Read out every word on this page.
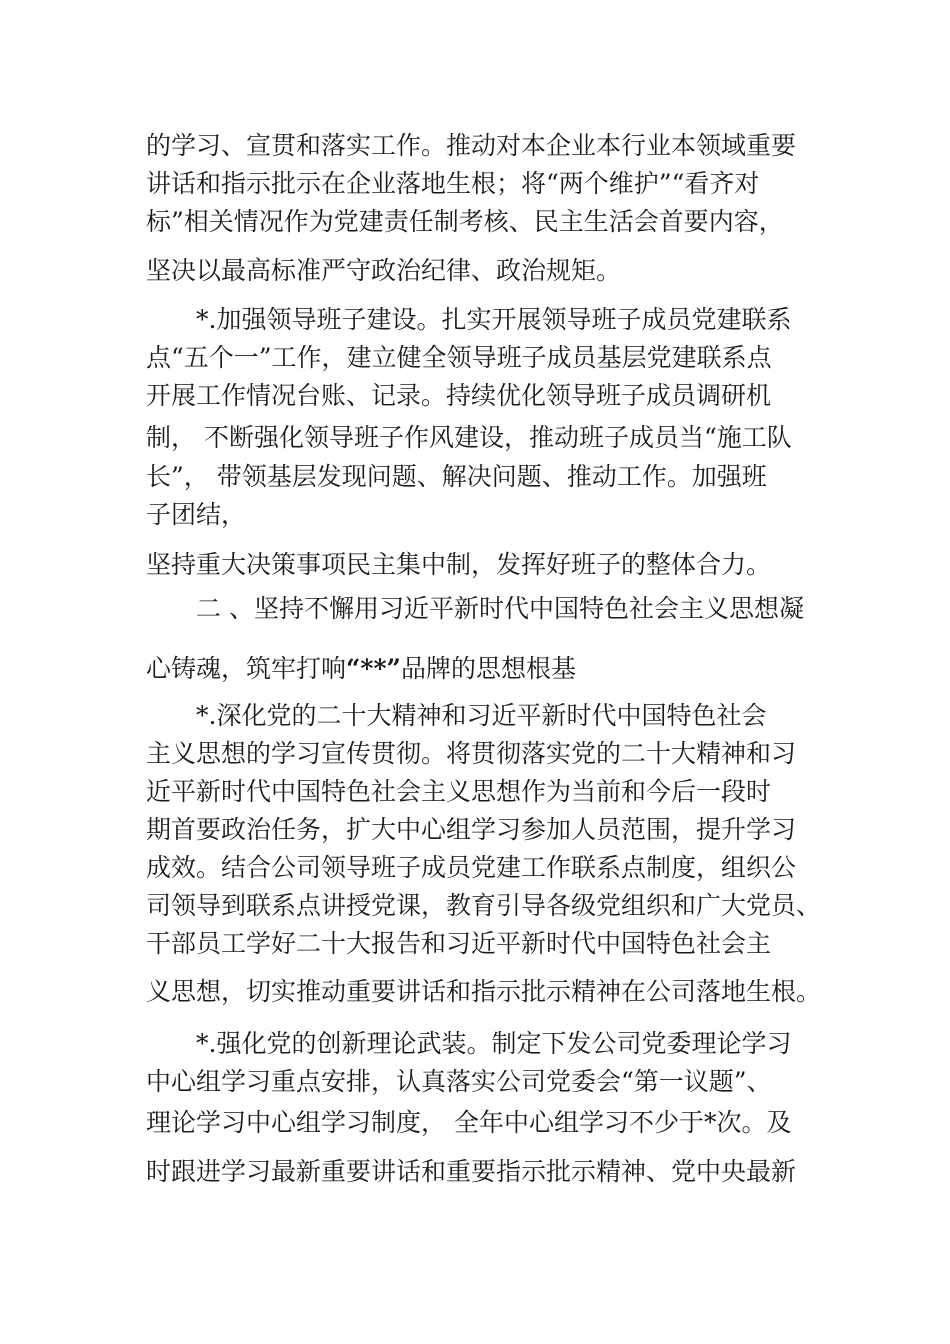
的学习、宣贯和落实工作。推动对本企业本行业本领域重要

讲话和指示批示在企业落地生根；将“两个维护”“看齐对

标”相关情况作为党建责任制考核、民主生活会首要内容，

坚决以最高标准严守政治纪律、政治规矩。

*.加强领导班子建设。扎实开展领导班子成员党建联系

点“五个一”工作，建立健全领导班子成员基层党建联系点

开展工作情况台账、记录。持续优化领导班子成员调研机

制， 不断强化领导班子作风建设，推动班子成员当“施工队

长”， 带领基层发现问题、解决问题、推动工作。加强班

子团结，

坚持重大决策事项民主集中制，发挥好班子的整体合力。

二 、坚持不懈用习近平新时代中国特色社会主义思想凝

心铸魂，筑牢打响“**”品牌的思想根基

*.深化党的二十大精神和习近平新时代中国特色社会

主义思想的学习宣传贯彻。将贯彻落实党的二十大精神和习

近平新时代中国特色社会主义思想作为当前和今后一段时

期首要政治任务，扩大中心组学习参加人员范围，提升学习

成效。结合公司领导班子成员党建工作联系点制度，组织公

司领导到联系点讲授党课，教育引导各级党组织和广大党员、

干部员工学好二十大报告和习近平新时代中国特色社会主

义思想，切实推动重要讲话和指示批示精神在公司落地生根。

*.强化党的创新理论武装。制定下发公司党委理论学习

中心组学习重点安排，认真落实公司党委会“第一议题”、

理论学习中心组学习制度， 全年中心组学习不少于*次。及

时跟进学习最新重要讲话和重要指示批示精神、党中央最新
